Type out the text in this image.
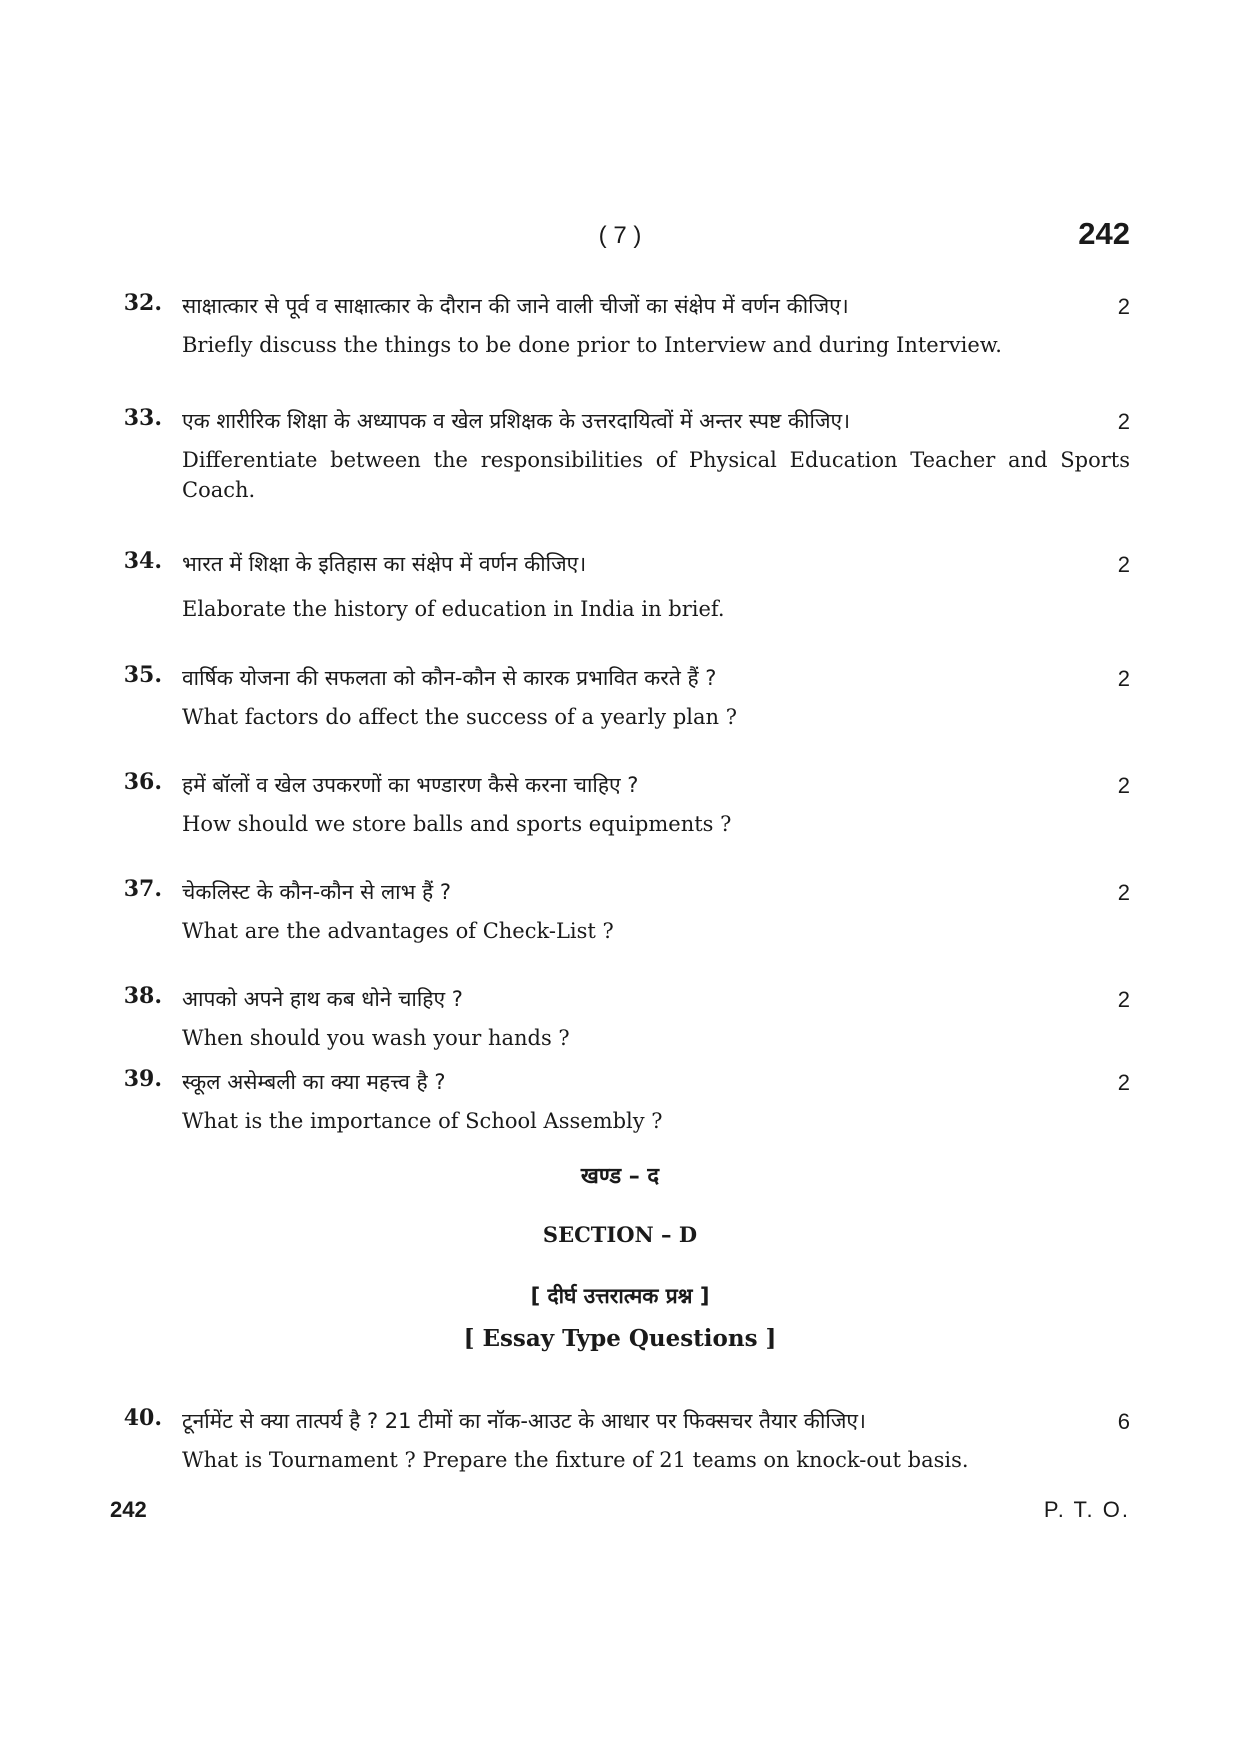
( 7 )	242
32. साक्षात्कार से पूर्व व साक्षात्कार के दौरान की जाने वाली चीजों का संक्षेप में वर्णन कीजिए।	2
Briefly discuss the things to be done prior to Interview and during Interview.
33. एक शारीरिक शिक्षा के अध्यापक व खेल प्रशिक्षक के उत्तरदायित्वों में अन्तर स्पष्ट कीजिए।	2
Differentiate between the responsibilities of Physical Education Teacher and Sports Coach.
34. भारत में शिक्षा के इतिहास का संक्षेप में वर्णन कीजिए।	2
Elaborate the history of education in India in brief.
35. वार्षिक योजना की सफलता को कौन-कौन से कारक प्रभावित करते हैं ?	2
What factors do affect the success of a yearly plan ?
36. हमें बॉलों व खेल उपकरणों का भण्डारण कैसे करना चाहिए ?	2
How should we store balls and sports equipments ?
37. चेकलिस्ट के कौन-कौन से लाभ हैं ?	2
What are the advantages of Check-List ?
38. आपको अपने हाथ कब धोने चाहिए ?	2
When should you wash your hands ?
39. स्कूल असेम्बली का क्या महत्त्व है ?	2
What is the importance of School Assembly ?
खण्ड – द
SECTION – D
[ दीर्घ उत्तरात्मक प्रश्न ]
[ Essay Type Questions ]
40. टूर्नामेंट से क्या तात्पर्य है ? 21 टीमों का नॉक-आउट के आधार पर फिक्सचर तैयार कीजिए।	6
What is Tournament ? Prepare the fixture of 21 teams on knock-out basis.
242	P. T. O.
